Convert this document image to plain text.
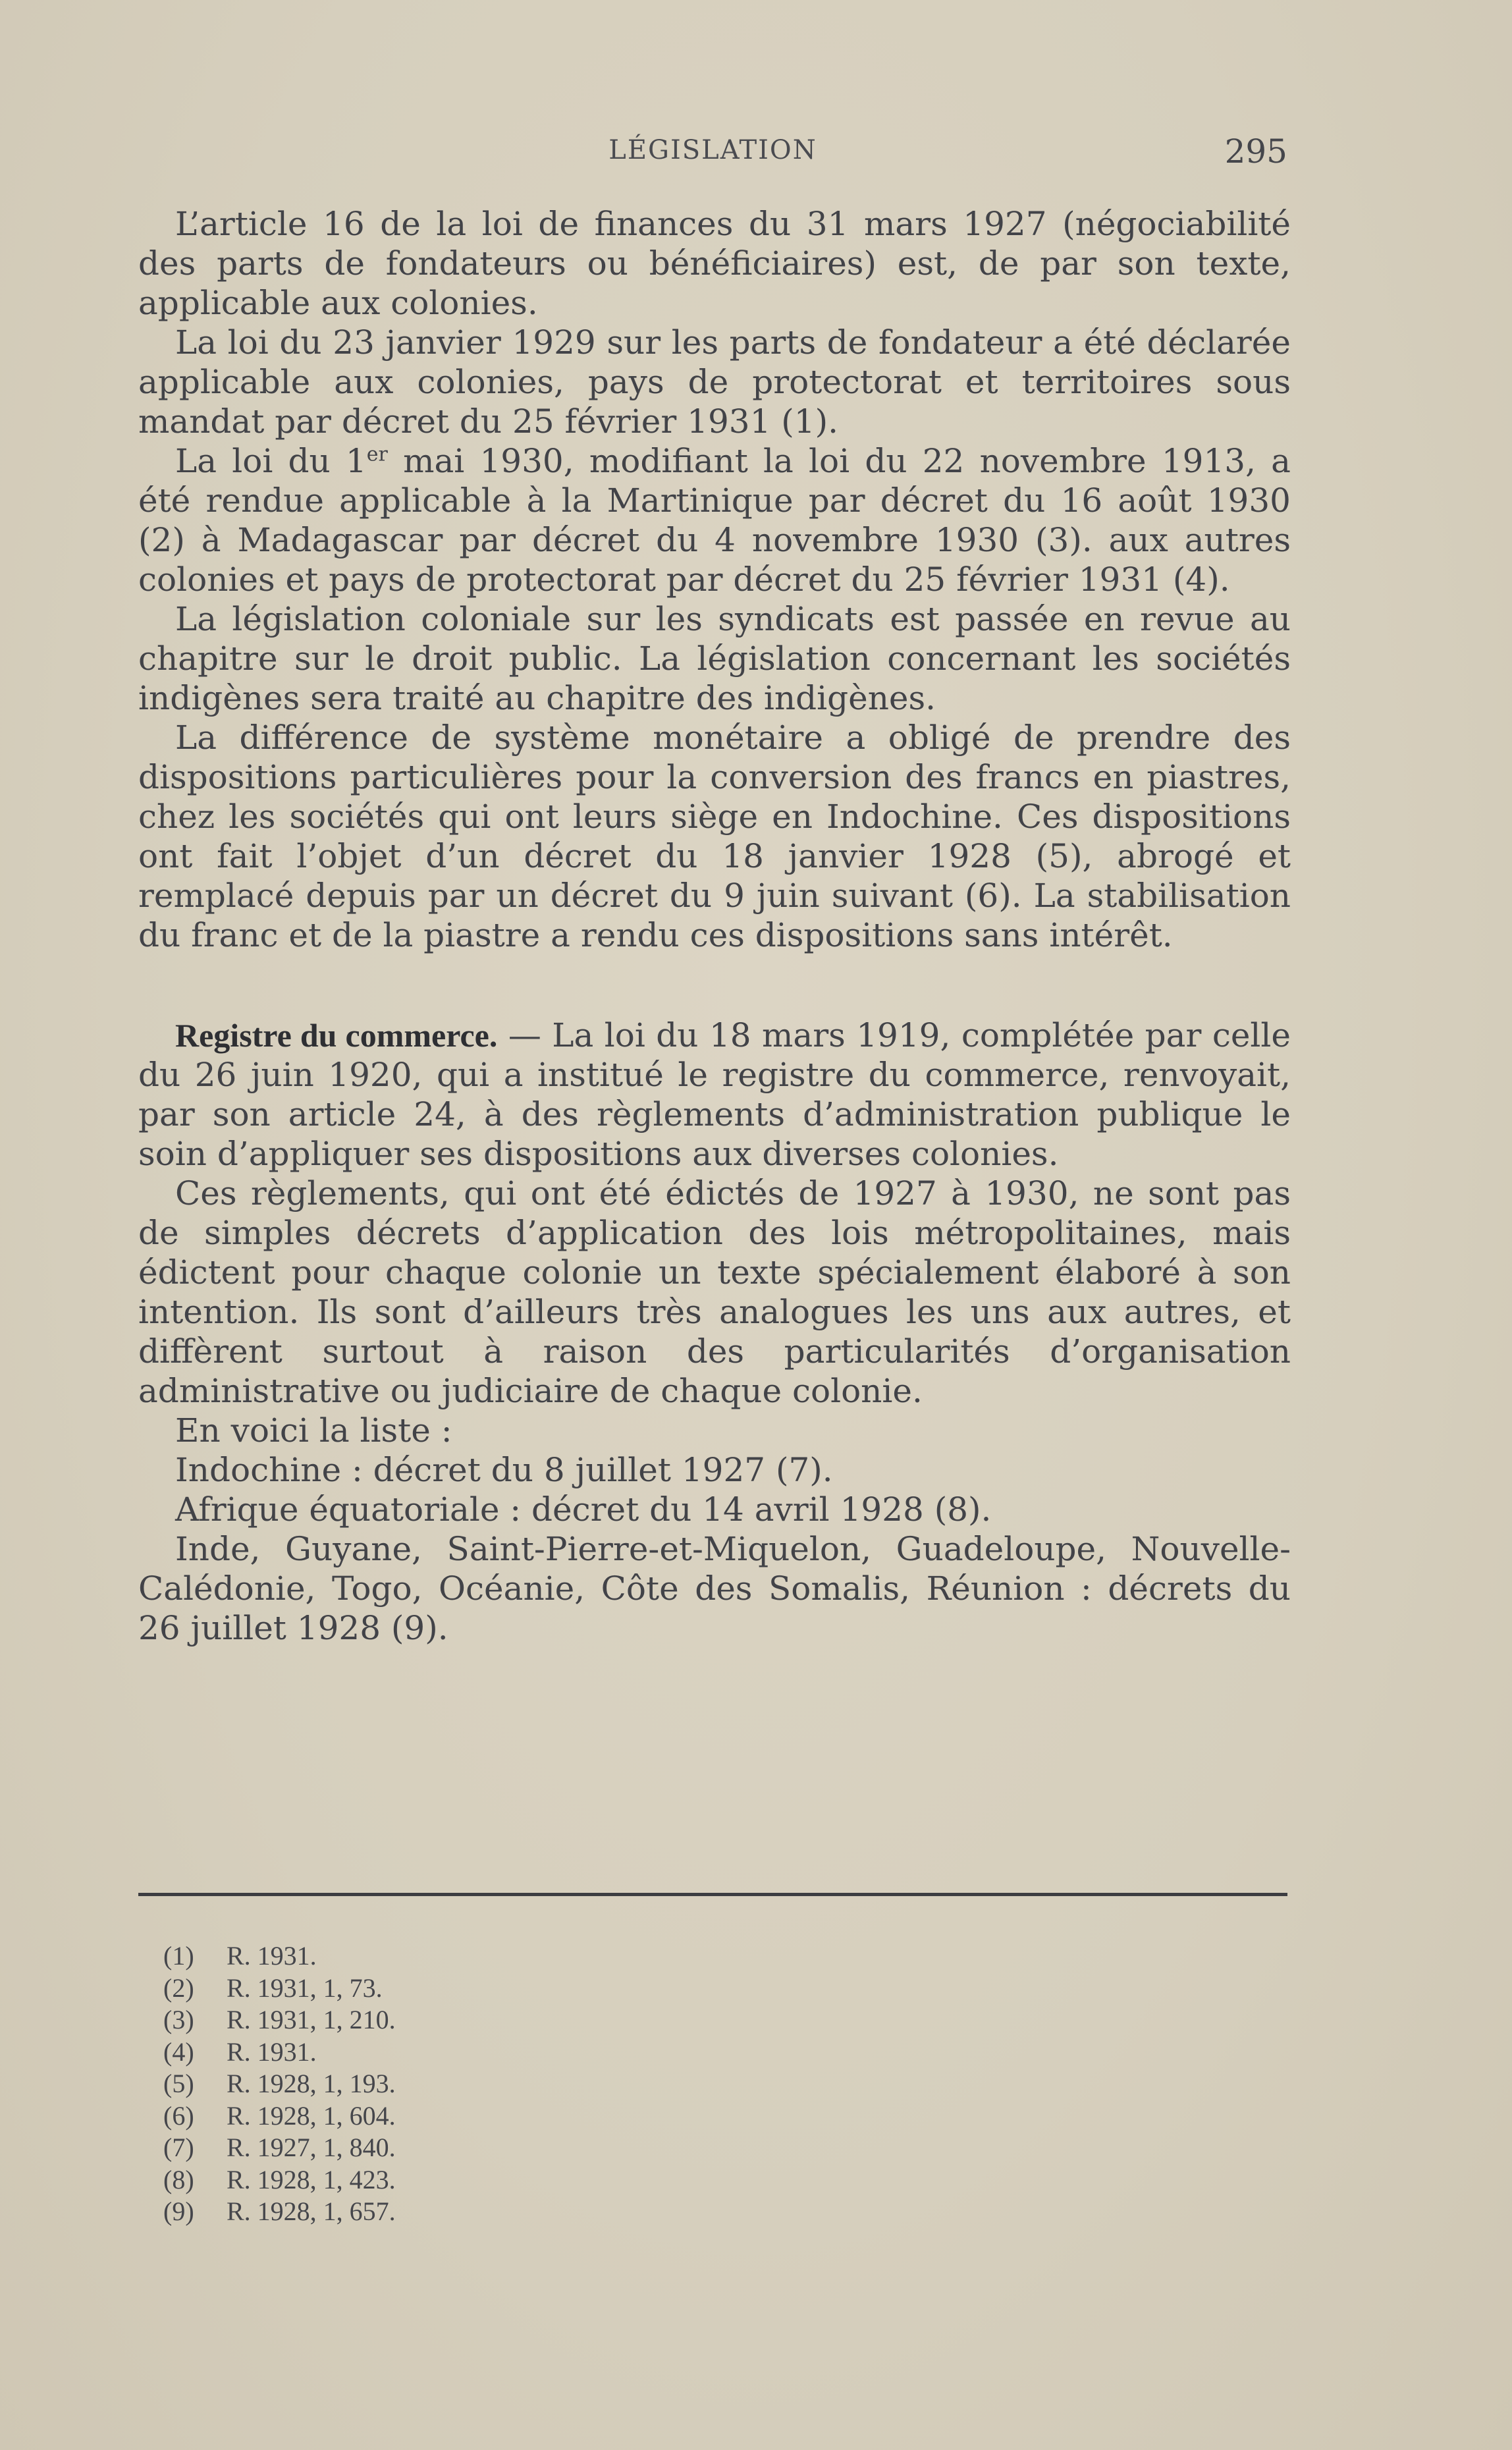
LÉGISLATION	295

L’article 16 de la loi de finances du 31 mars 1927 (négociabilité des parts de fondateurs ou bénéficiaires) est, de par son texte, applicable aux colonies.

La loi du 23 janvier 1929 sur les parts de fondateur a été déclarée applicable aux colonies, pays de protectorat et territoires sous mandat par décret du 25 février 1931 (1).

La loi du 1er mai 1930, modifiant la loi du 22 novembre 1913, a été rendue applicable à la Martinique par décret du 16 août 1930 (2) à Madagascar par décret du 4 novembre 1930 (3). aux autres colonies et pays de protectorat par décret du 25 février 1931 (4).

La législation coloniale sur les syndicats est passée en revue au chapitre sur le droit public. La législation concernant les sociétés indigènes sera traité au chapitre des indigènes.

La différence de système monétaire a obligé de prendre des dispositions particulières pour la conversion des francs en piastres, chez les sociétés qui ont leurs siège en Indochine. Ces dispositions ont fait l’objet d’un décret du 18 janvier 1928 (5), abrogé et remplacé depuis par un décret du 9 juin suivant (6). La stabilisation du franc et de la piastre a rendu ces dispositions sans intérêt.

Registre du commerce. — La loi du 18 mars 1919, complétée par celle du 26 juin 1920, qui a institué le registre du commerce, renvoyait, par son article 24, à des règlements d’administration publique le soin d’appliquer ses dispositions aux diverses colonies.

Ces règlements, qui ont été édictés de 1927 à 1930, ne sont pas de simples décrets d’application des lois métropolitaines, mais édictent pour chaque colonie un texte spécialement élaboré à son intention. Ils sont d’ailleurs très analogues les uns aux autres, et diffèrent surtout à raison des particularités d’organisation administrative ou judiciaire de chaque colonie.

En voici la liste :

Indochine : décret du 8 juillet 1927 (7).

Afrique équatoriale : décret du 14 avril 1928 (8).

Inde, Guyane, Saint-Pierre-et-Miquelon, Guadeloupe, Nouvelle-Calédonie, Togo, Océanie, Côte des Somalis, Réunion : décrets du 26 juillet 1928 (9).

(1) R. 1931.
(2) R. 1931, 1, 73.
(3) R. 1931, 1, 210.
(4) R. 1931.
(5) R. 1928, 1, 193.
(6) R. 1928, 1, 604.
(7) R. 1927, 1, 840.
(8) R. 1928, 1, 423.
(9) R. 1928, 1, 657.
